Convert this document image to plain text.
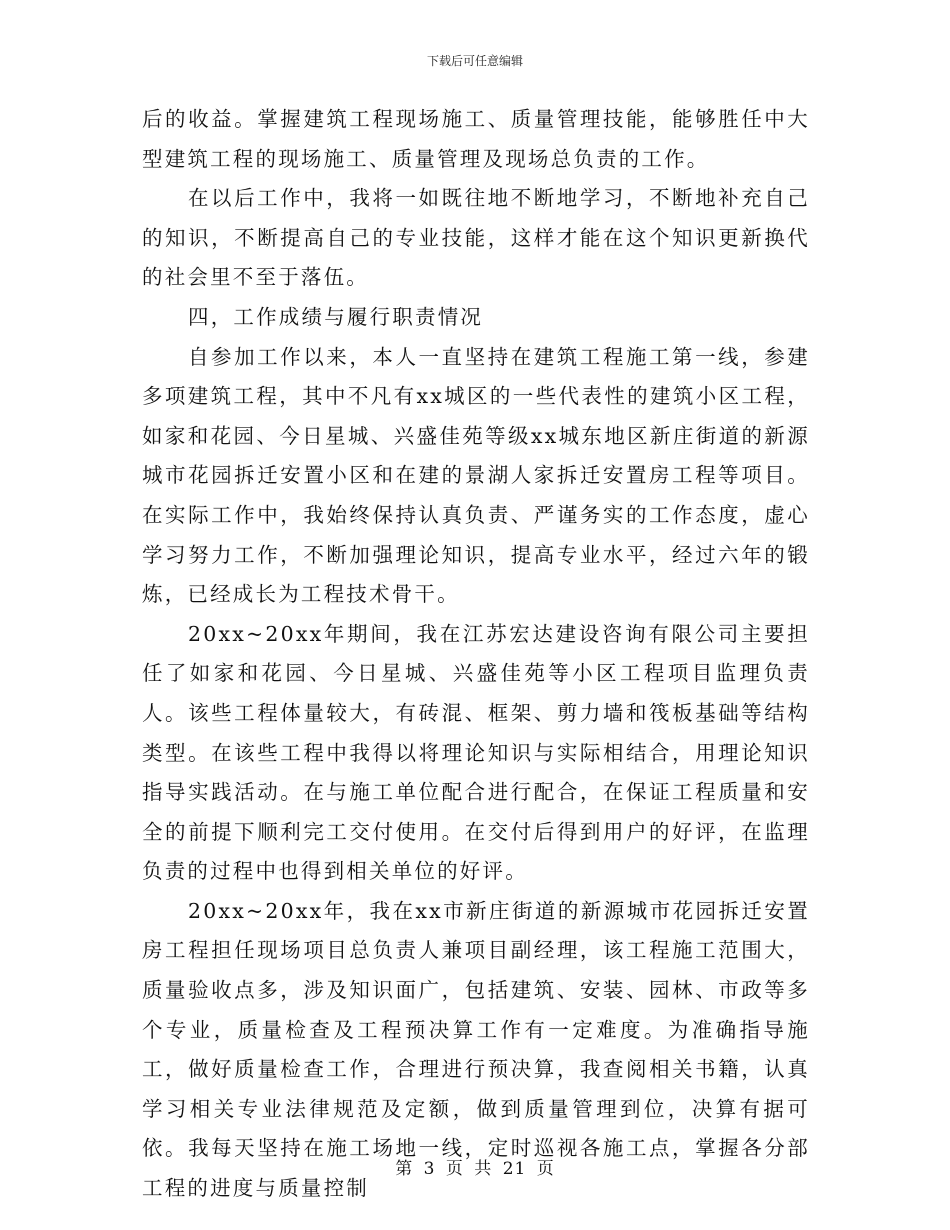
下载后可任意编辑

后的收益。掌握建筑工程现场施工、质量管理技能，能够胜任中大型建筑工程的现场施工、质量管理及现场总负责的工作。

在以后工作中，我将一如既往地不断地学习，不断地补充自己的知识，不断提高自己的专业技能，这样才能在这个知识更新换代的社会里不至于落伍。

四，工作成绩与履行职责情况

自参加工作以来，本人一直坚持在建筑工程施工第一线，参建多项建筑工程，其中不凡有xx城区的一些代表性的建筑小区工程，如家和花园、今日星城、兴盛佳苑等级xx城东地区新庄街道的新源城市花园拆迁安置小区和在建的景湖人家拆迁安置房工程等项目。在实际工作中，我始终保持认真负责、严谨务实的工作态度，虚心学习努力工作，不断加强理论知识，提高专业水平，经过六年的锻炼，已经成长为工程技术骨干。

20xx~20xx年期间，我在江苏宏达建设咨询有限公司主要担任了如家和花园、今日星城、兴盛佳苑等小区工程项目监理负责人。该些工程体量较大，有砖混、框架、剪力墙和筏板基础等结构类型。在该些工程中我得以将理论知识与实际相结合，用理论知识指导实践活动。在与施工单位配合进行配合，在保证工程质量和安全的前提下顺利完工交付使用。在交付后得到用户的好评，在监理负责的过程中也得到相关单位的好评。

20xx~20xx年，我在xx市新庄街道的新源城市花园拆迁安置房工程担任现场项目总负责人兼项目副经理，该工程施工范围大，质量验收点多，涉及知识面广，包括建筑、安装、园林、市政等多个专业，质量检查及工程预决算工作有一定难度。为准确指导施工，做好质量检查工作，合理进行预决算，我查阅相关书籍，认真学习相关专业法律规范及定额，做到质量管理到位，决算有据可依。我每天坚持在施工场地一线，定时巡视各施工点，掌握各分部工程的进度与质量控制

第 3 页 共 21 页
